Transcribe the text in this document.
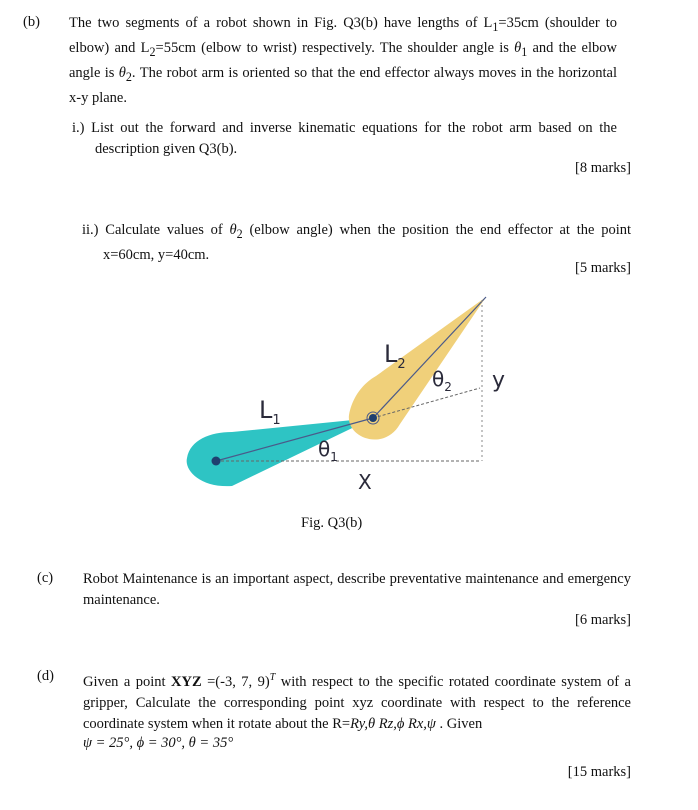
(b) The two segments of a robot shown in Fig. Q3(b) have lengths of $L_1=35cm$ (shoulder to elbow) and $L_2=55cm$ (elbow to wrist) respectively. The shoulder angle is $\theta_1$ and the elbow angle is $\theta_2$. The robot arm is oriented so that the end effector always moves in the horizontal x-y plane.
i.) List out the forward and inverse kinematic equations for the robot arm based on the description given Q3(b).
[8 marks]
ii.) Calculate values of $\theta_2$ (elbow angle) when the position the end effector at the point x=60cm, y=40cm.
[5 marks]
$L_1$
$L_2$
$\theta_1$
$\theta_2$
X
y
Fig. Q3(b)
(c) Robot Maintenance is an important aspect, describe preventative maintenance and emergency maintenance.
[6 marks]
(d) Given a point XYZ =(-3, 7, 9)$^T$ with respect to the specific rotated coordinate system of a gripper, Calculate the corresponding point xyz coordinate with respect to the reference coordinate system when it rotate about the R=Ry,θ Rz,ϕ Rx,ψ . Given
ψ = 25°, ϕ = 30°, θ = 35°
[15 marks]
